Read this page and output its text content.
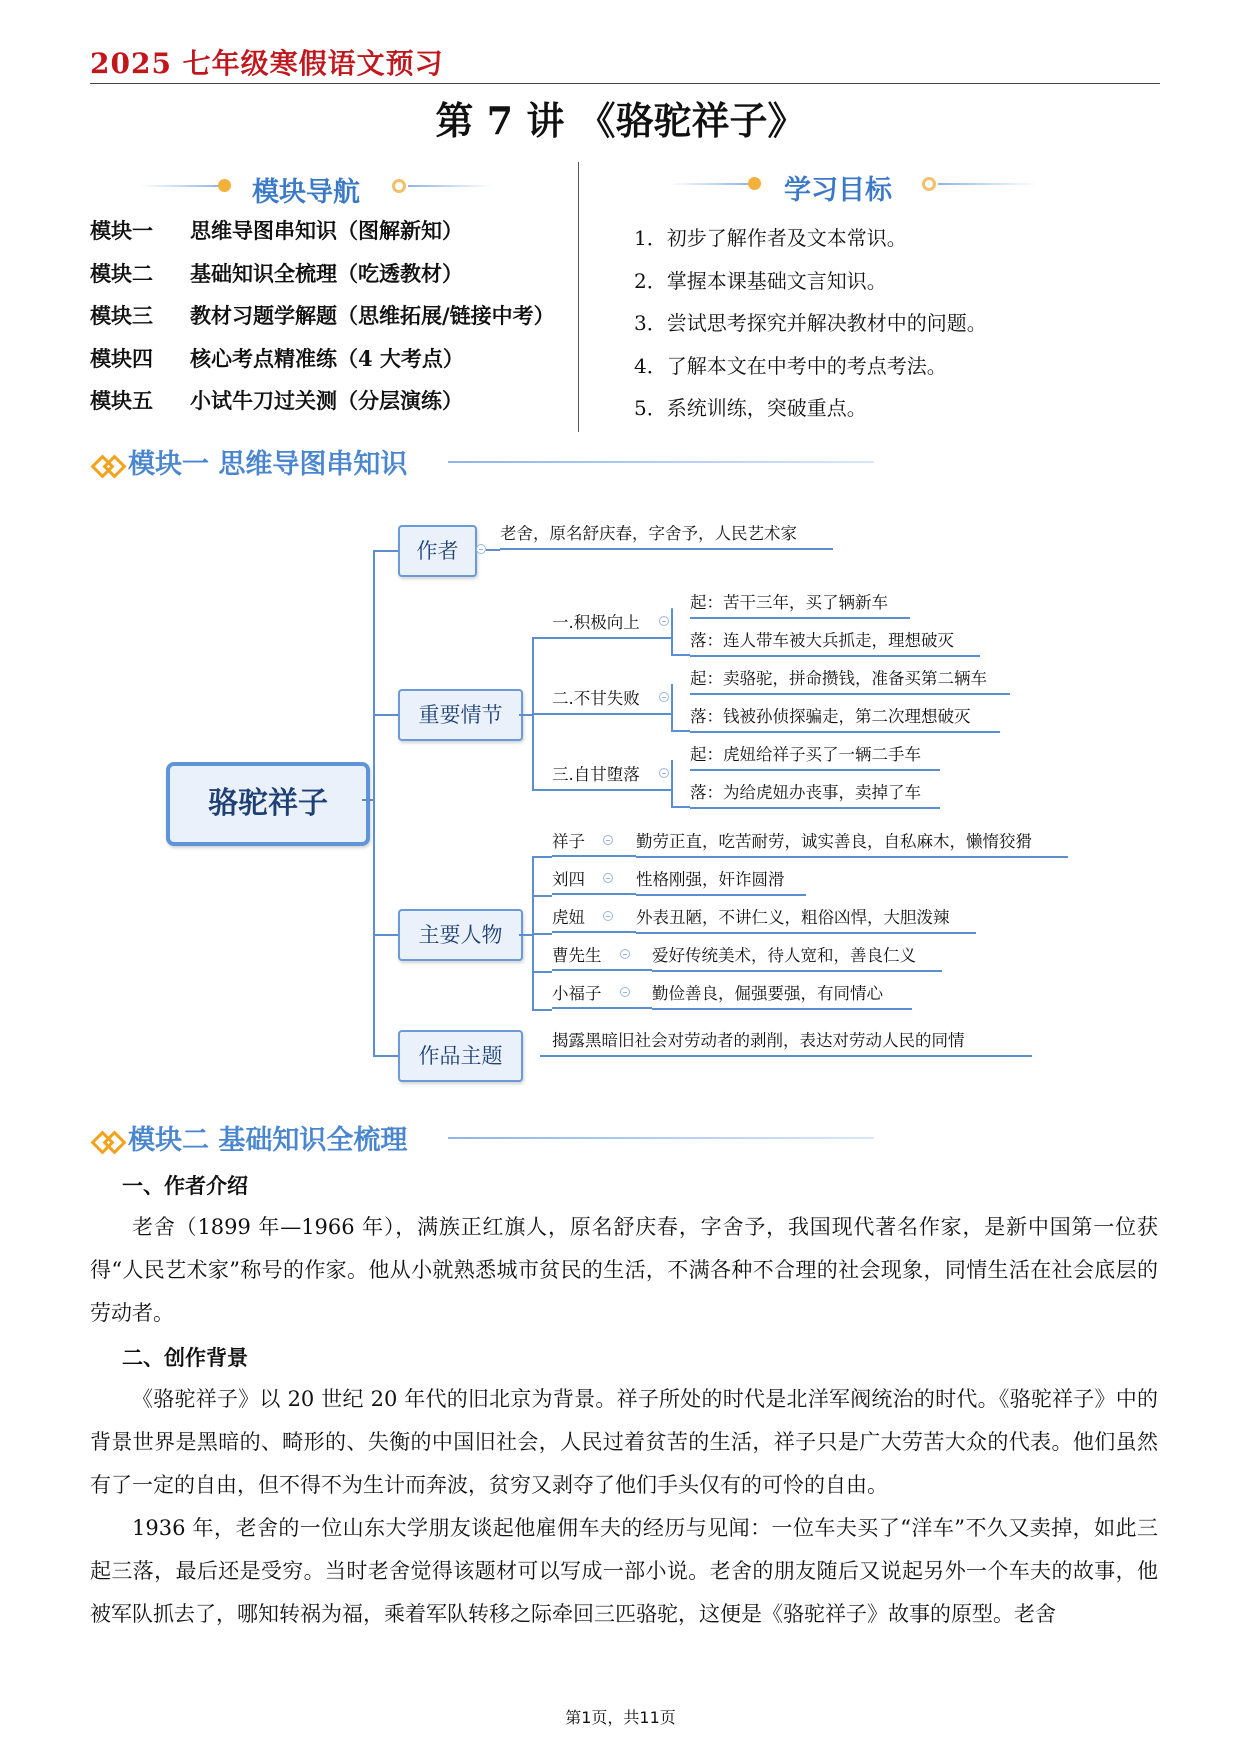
2025 七年级寒假语文预习
第 7 讲 《骆驼祥子》
模块导航
模块一 思维导图串知识（图解新知）
模块二 基础知识全梳理（吃透教材）
模块三 教材习题学解题（思维拓展/链接中考）
模块四 核心考点精准练（4 大考点）
模块五 小试牛刀过关测（分层演练）
学习目标
1．初步了解作者及文本常识。
2．掌握本课基础文言知识。
3．尝试思考探究并解决教材中的问题。
4．了解本文在中考中的考点考法。
5．系统训练，突破重点。
模块一 思维导图串知识
骆驼祥子
作者
老舍，原名舒庆春，字舍予，人民艺术家
重要情节
一.积极向上
起：苦干三年，买了辆新车
落：连人带车被大兵抓走，理想破灭
二.不甘失败
起：卖骆驼，拼命攒钱，准备买第二辆车
落：钱被孙侦探骗走，第二次理想破灭
三.自甘堕落
起：虎妞给祥子买了一辆二手车
落：为给虎妞办丧事，卖掉了车
主要人物
祥子	勤劳正直，吃苦耐劳，诚实善良，自私麻木，懒惰狡猾
刘四	性格刚强，奸诈圆滑
虎妞	外表丑陋，不讲仁义，粗俗凶悍，大胆泼辣
曹先生	爱好传统美术，待人宽和，善良仁义
小福子	勤俭善良，倔强要强，有同情心
作品主题
揭露黑暗旧社会对劳动者的剥削，表达对劳动人民的同情
模块二 基础知识全梳理
一、作者介绍
老舍（1899 年—1966 年），满族正红旗人，原名舒庆春，字舍予，我国现代著名作家，是新中国第一位获得“人民艺术家”称号的作家。他从小就熟悉城市贫民的生活，不满各种不合理的社会现象，同情生活在社会底层的劳动者。
二、创作背景
《骆驼祥子》以 20 世纪 20 年代的旧北京为背景。祥子所处的时代是北洋军阀统治的时代。《骆驼祥子》中的背景世界是黑暗的、畸形的、失衡的中国旧社会，人民过着贫苦的生活，祥子只是广大劳苦大众的代表。他们虽然有了一定的自由，但不得不为生计而奔波，贫穷又剥夺了他们手头仅有的可怜的自由。
1936 年，老舍的一位山东大学朋友谈起他雇佣车夫的经历与见闻：一位车夫买了“洋车”不久又卖掉，如此三起三落，最后还是受穷。当时老舍觉得该题材可以写成一部小说。老舍的朋友随后又说起另外一个车夫的故事，他被军队抓去了，哪知转祸为福，乘着军队转移之际牵回三匹骆驼，这便是《骆驼祥子》故事的原型。老舍
第1页，共11页
